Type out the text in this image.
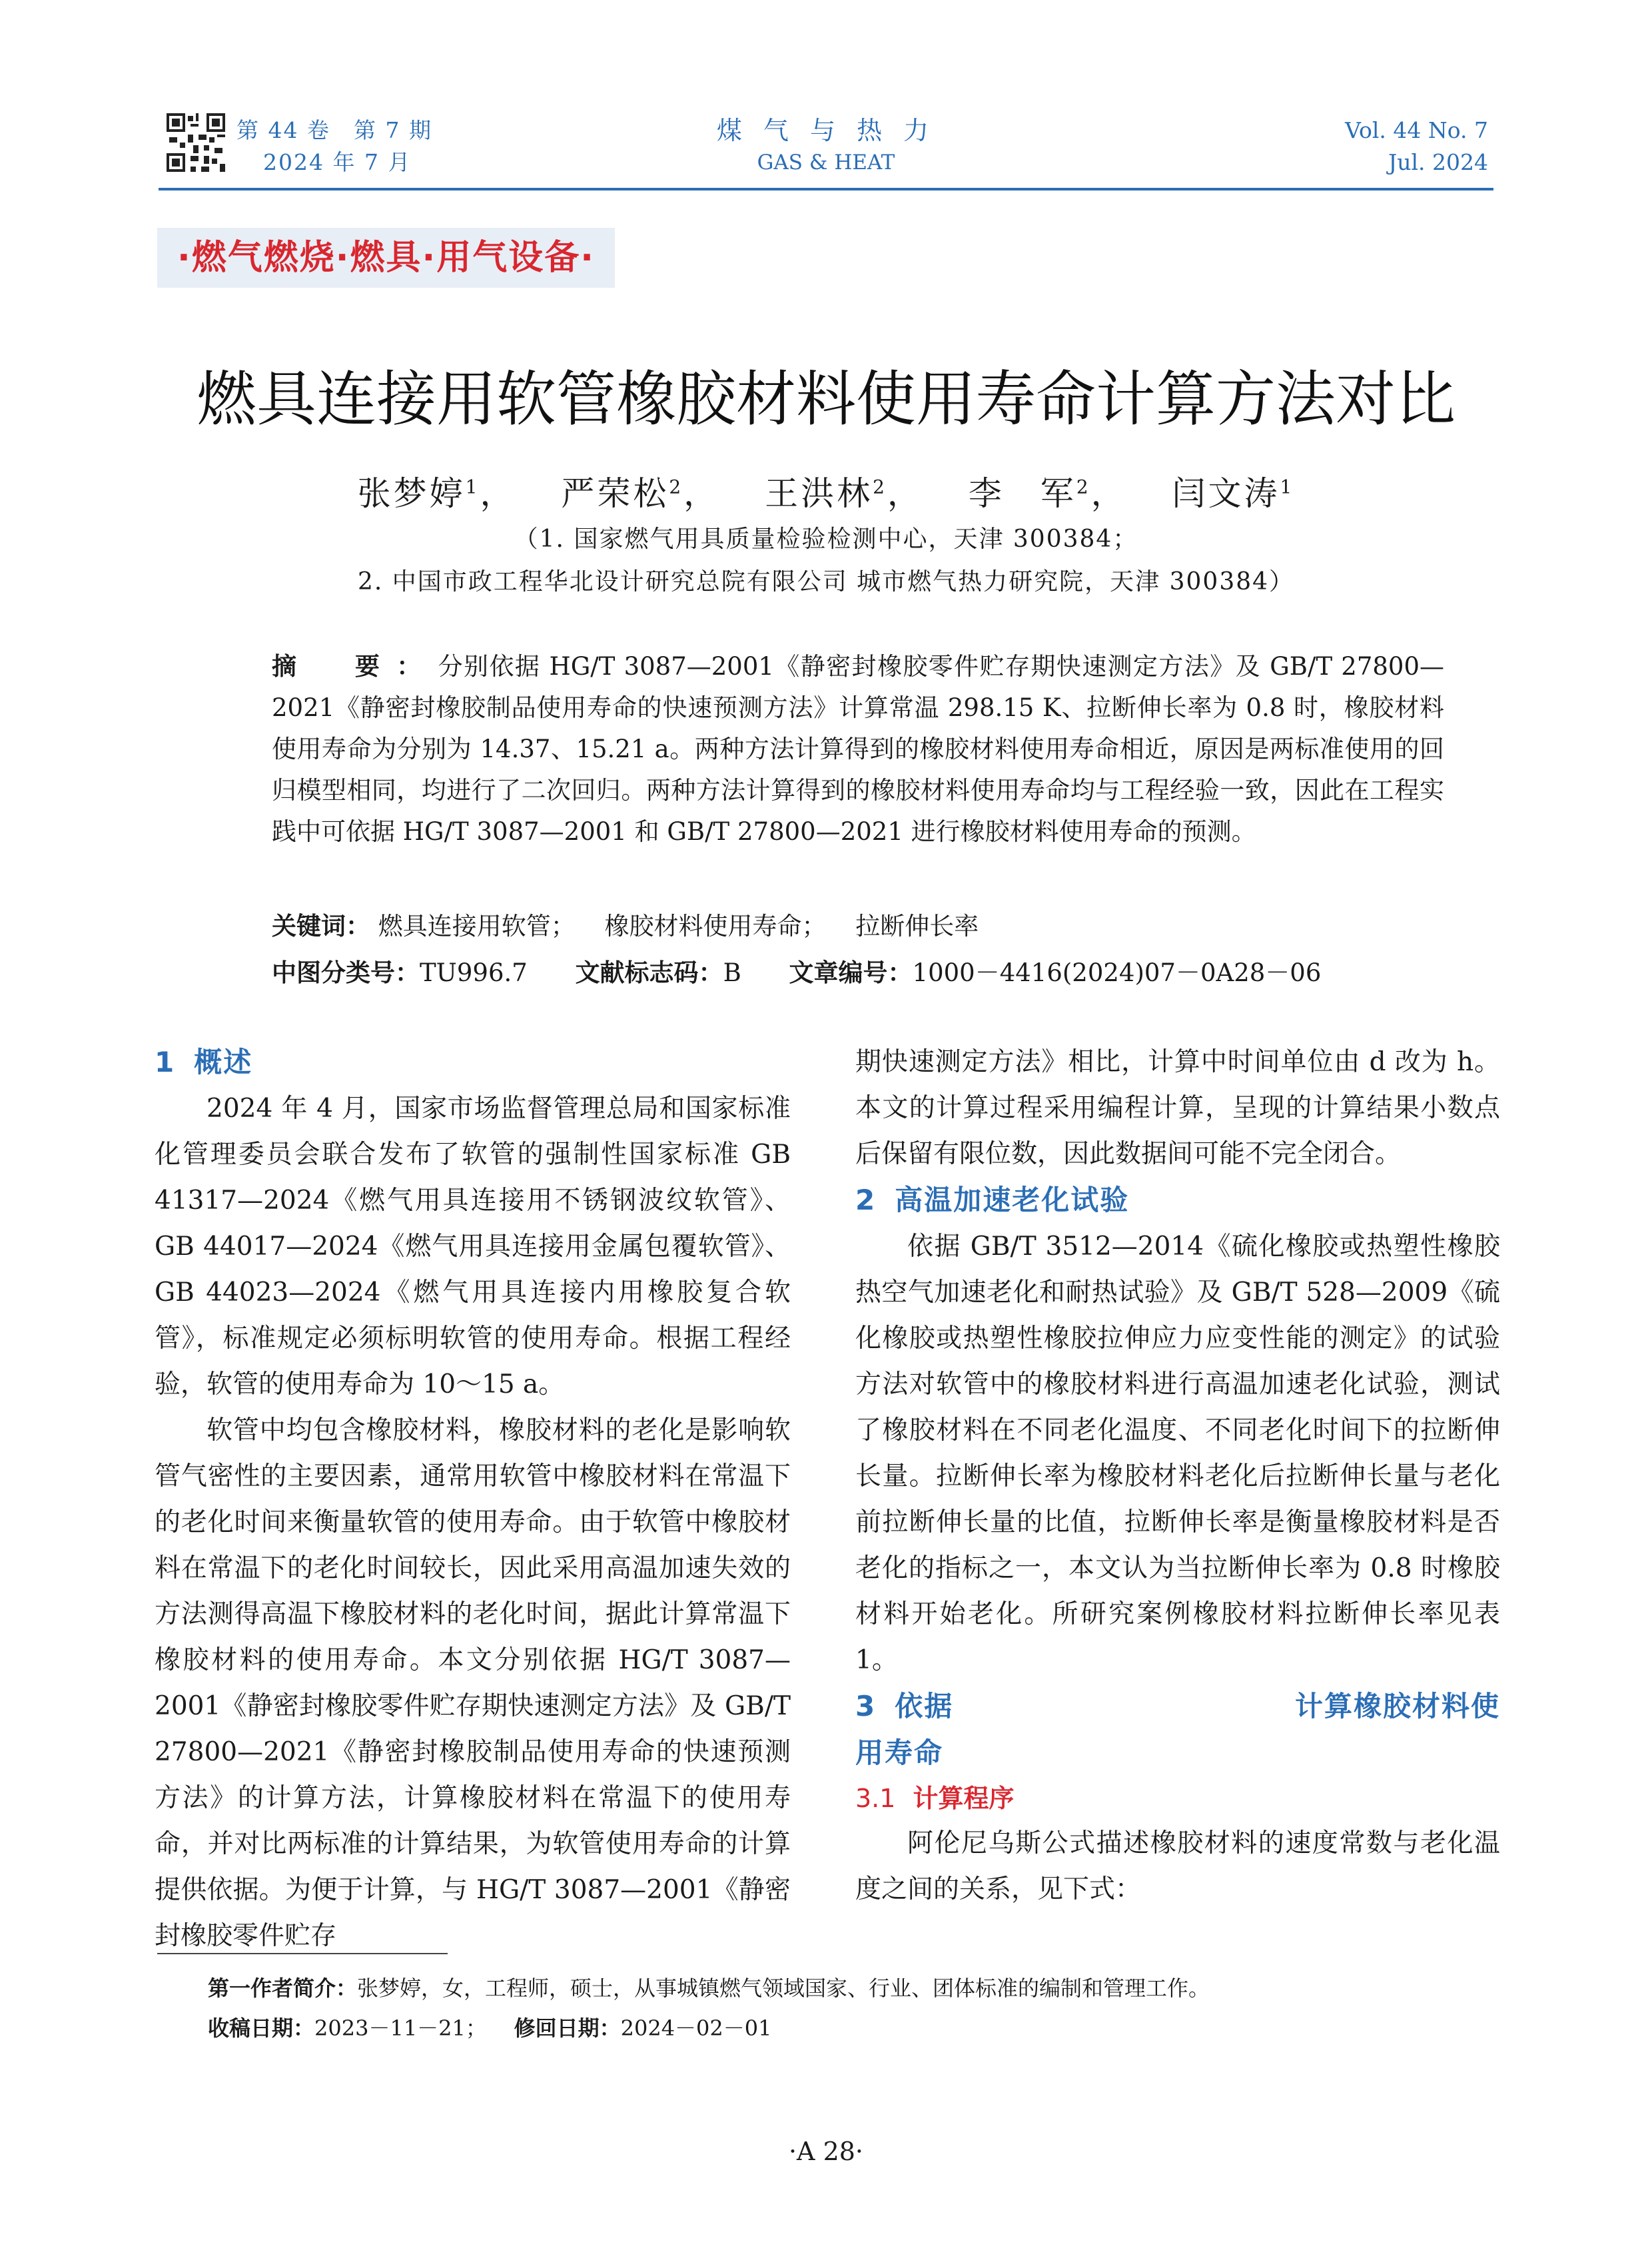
第 44 卷　第 7 期
2024 年 7 月
煤 气 与 热 力
GAS & HEAT
Vol. 44 No. 7
Jul. 2024
·燃气燃烧·燃具·用气设备·
燃具连接用软管橡胶材料使用寿命计算方法对比
张梦婷$^1$， 严荣松$^2$， 王洪林$^2$， 李　军$^2$， 闫文涛$^1$
（1. 国家燃气用具质量检验检测中心，天津 300384；
2. 中国市政工程华北设计研究总院有限公司 城市燃气热力研究院，天津 300384）
摘　要：分别依据 HG/T 3087—2001《静密封橡胶零件贮存期快速测定方法》及 GB/T 27800—2021《静密封橡胶制品使用寿命的快速预测方法》计算常温 298.15 K、拉断伸长率为 0.8 时，橡胶材料使用寿命为分别为 14.37、15.21 a。两种方法计算得到的橡胶材料使用寿命相近，原因是两标准使用的回归模型相同，均进行了二次回归。两种方法计算得到的橡胶材料使用寿命均与工程经验一致，因此在工程实践中可依据 HG/T 3087—2001 和 GB/T 27800—2021 进行橡胶材料使用寿命的预测。
关键词： 燃具连接用软管； 橡胶材料使用寿命； 拉断伸长率
中图分类号：TU996.7 文献标志码：B 文章编号：1000－4416(2024)07－0A28－06
1 概述

2024 年 4 月，国家市场监督管理总局和国家标准化管理委员会联合发布了软管的强制性国家标准 GB 41317—2024《燃气用具连接用不锈钢波纹软管》、GB 44017—2024《燃气用具连接用金属包覆软管》、GB 44023—2024《燃气用具连接内用橡胶复合软管》，标准规定必须标明软管的使用寿命。根据工程经验，软管的使用寿命为 10～15 a。

软管中均包含橡胶材料，橡胶材料的老化是影响软管气密性的主要因素，通常用软管中橡胶材料在常温下的老化时间来衡量软管的使用寿命。由于软管中橡胶材料在常温下的老化时间较长，因此采用高温加速失效的方法测得高温下橡胶材料的老化时间，据此计算常温下橡胶材料的使用寿命。本文分别依据 HG/T 3087—2001《静密封橡胶零件贮存期快速测定方法》及 GB/T 27800—2021《静密封橡胶制品使用寿命的快速预测方法》的计算方法，计算橡胶材料在常温下的使用寿命，并对比两标准的计算结果，为软管使用寿命的计算提供依据。为便于计算，与 HG/T 3087—2001《静密封橡胶零件贮存

期快速测定方法》相比，计算中时间单位由 d 改为 h。本文的计算过程采用编程计算，呈现的计算结果小数点后保留有限位数，因此数据间可能不完全闭合。

2 高温加速老化试验

依据 GB/T 3512—2014《硫化橡胶或热塑性橡胶热空气加速老化和耐热试验》及 GB/T 528—2009《硫化橡胶或热塑性橡胶拉伸应力应变性能的测定》的试验方法对软管中的橡胶材料进行高温加速老化试验，测试了橡胶材料在不同老化温度、不同老化时间下的拉断伸长量。拉断伸长率为橡胶材料老化后拉断伸长量与老化前拉断伸长量的比值，拉断伸长率是衡量橡胶材料是否老化的指标之一，本文认为当拉断伸长率为 0.8 时橡胶材料开始老化。所研究案例橡胶材料拉断伸长率见表 1。

3 依据	计算橡胶材料使
用寿命
3.1 计算程序

阿伦尼乌斯公式描述橡胶材料的速度常数与老化温度之间的关系，见下式：

第一作者简介：张梦婷，女，工程师，硕士，从事城镇燃气领域国家、行业、团体标准的编制和管理工作。
收稿日期：2023－11－21； 修回日期：2024－02－01
·A 28·
